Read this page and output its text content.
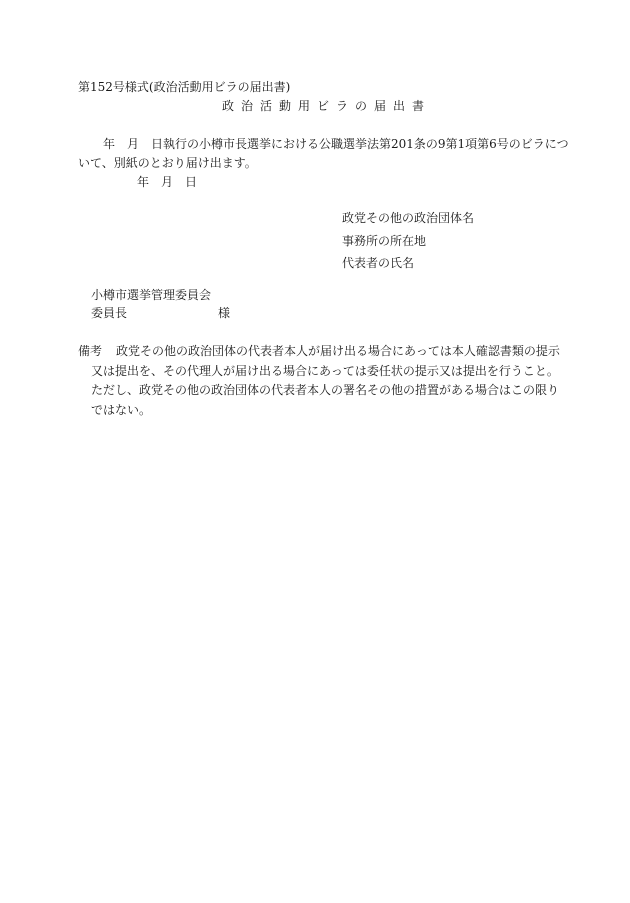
第152号様式(政治活動用ビラの届出書)

政治活動用ビラの届出書

年　月　日執行の小樽市長選挙における公職選挙法第201条の9第1項第6号のビラにつ

いて、別紙のとおり届け出ます。

年　月　日

政党その他の政治団体名

事務所の所在地

代表者の氏名

小樽市選挙管理委員会

委員長	様

備考	政党その他の政治団体の代表者本人が届け出る場合にあっては本人確認書類の提示

又は提出を、その代理人が届け出る場合にあっては委任状の提示又は提出を行うこと。

ただし、政党その他の政治団体の代表者本人の署名その他の措置がある場合はこの限り

ではない。
